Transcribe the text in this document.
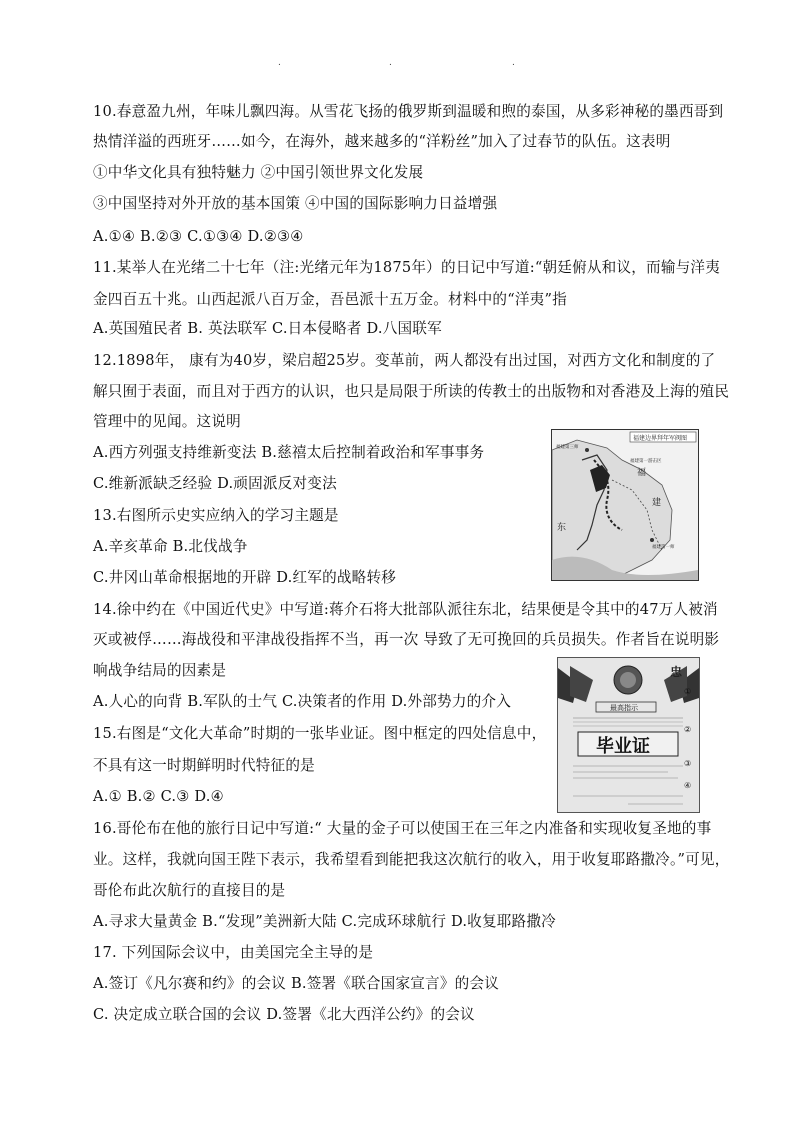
.	.	.
10.春意盈九州，年味儿飘四海。从雪花飞扬的俄罗斯到温暖和煦的泰国，从多彩神秘的墨西哥到
热情洋溢的西班牙……如今，在海外，越来越多的“洋粉丝”加入了过春节的队伍。这表明
①中华文化具有独特魅力 ②中国引领世界文化发展
③中国坚持对外开放的基本国策 ④中国的国际影响力日益增强
A.①④ B.②③ C.①③④ D.②③④
11.某举人在光绪二十七年（注:光绪元年为1875年）的日记中写道:“朝廷俯从和议，而输与洋夷
金四百五十兆。山西起派八百万金，吾邑派十五万金。材料中的“洋夷”指
A.英国殖民者 B. 英法联军 C.日本侵略者 D.八国联军
12.1898年， 康有为40岁，梁启超25岁。变革前，两人都没有出过国，对西方文化和制度的了
解只囿于表面，而且对于西方的认识，也只是局限于所读的传教士的出版物和对香港及上海的殖民
管理中的见闻。这说明
A.西方列强支持维新变法 B.慈禧太后控制着政治和军事事务
C.维新派缺乏经验 D.顽固派反对变法
13.右图所示史实应纳入的学习主题是
A.辛亥革命 B.北伐战争
C.井冈山革命根据地的开辟 D.红军的战略转移
14.徐中约在《中国近代史》中写道:蒋介石将大批部队派往东北，结果便是令其中的47万人被消
灭或被俘……海战役和平津战役指挥不当，再一次 导致了无可挽回的兵员损失。作者旨在说明影
响战争结局的因素是
A.人心的向背 B.军队的士气 C.决策者的作用 D.外部势力的介入
15.右图是“文化大革命”时期的一张毕业证。图中框定的四处信息中，
不具有这一时期鲜明时代特征的是
A.① B.② C.③ D.④
16.哥伦布在他的旅行日记中写道:“ 大量的金子可以使国王在三年之内准备和实现收复圣地的事
业。这样，我就向国王陛下表示，我希望看到能把我这次航行的收入，用于收复耶路撒冷。”可见，
哥伦布此次航行的直接目的是
A.寻求大量黄金 B.“发现”美洲新大陆 C.完成环球航行 D.收复耶路撒冷
17. 下列国际会议中，由美国完全主导的是
A.签订《凡尔赛和约》的会议 B.签署《联合国家宣言》的会议
C. 决定成立联合国的会议 D.签署《北大西洋公约》的会议
福建边界拜年军阀图
福
建
东
福建第一游击区
福建第一师
福建第三师
忠
最高指示
毕业证
①
②
③
④
